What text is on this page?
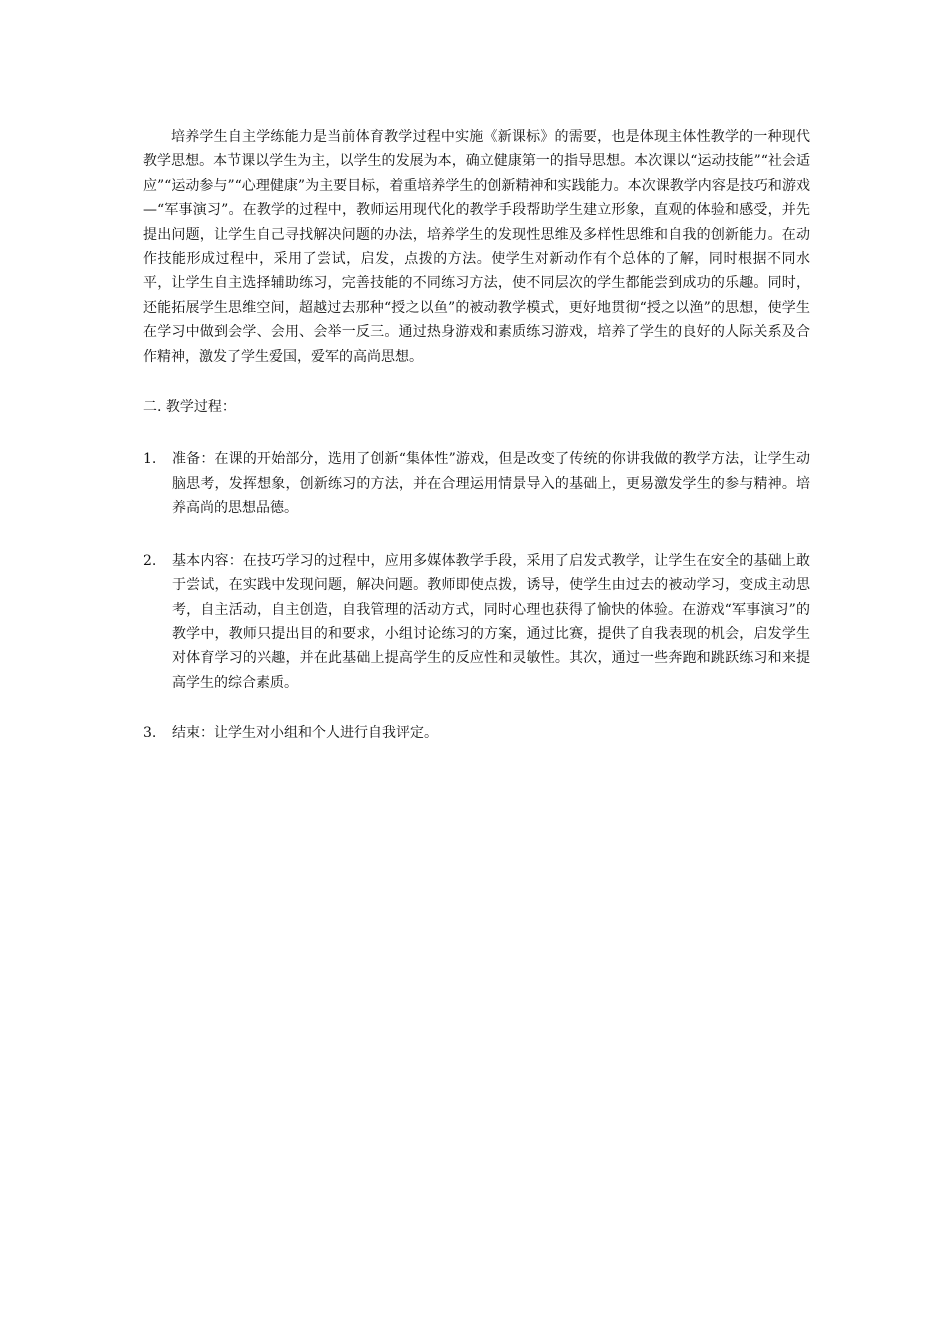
培养学生自主学练能力是当前体育教学过程中实施《新课标》的需要，也是体现主体性教学的一种现代教学思想。本节课以学生为主，以学生的发展为本，确立健康第一的指导思想。本次课以“运动技能”“社会适应”“运动参与”“心理健康”为主要目标，着重培养学生的创新精神和实践能力。本次课教学内容是技巧和游戏—“军事演习”。在教学的过程中，教师运用现代化的教学手段帮助学生建立形象，直观的体验和感受，并先提出问题，让学生自己寻找解决问题的办法，培养学生的发现性思维及多样性思维和自我的创新能力。在动作技能形成过程中，采用了尝试，启发，点拨的方法。使学生对新动作有个总体的了解，同时根据不同水平，让学生自主选择辅助练习，完善技能的不同练习方法，使不同层次的学生都能尝到成功的乐趣。同时，还能拓展学生思维空间，超越过去那种“授之以鱼”的被动教学模式，更好地贯彻“授之以渔”的思想，使学生在学习中做到会学、会用、会举一反三。通过热身游戏和素质练习游戏，培养了学生的良好的人际关系及合作精神，激发了学生爱国，爱军的高尚思想。

二. 教学过程：

1. 准备：在课的开始部分，选用了创新“集体性”游戏，但是改变了传统的你讲我做的教学方法，让学生动脑思考，发挥想象，创新练习的方法，并在合理运用情景导入的基础上，更易激发学生的参与精神。培养高尚的思想品德。
2. 基本内容：在技巧学习的过程中，应用多媒体教学手段，采用了启发式教学，让学生在安全的基础上敢于尝试，在实践中发现问题，解决问题。教师即使点拨，诱导，使学生由过去的被动学习，变成主动思考，自主活动，自主创造，自我管理的活动方式，同时心理也获得了愉快的体验。在游戏“军事演习”的教学中，教师只提出目的和要求，小组讨论练习的方案，通过比赛，提供了自我表现的机会，启发学生对体育学习的兴趣，并在此基础上提高学生的反应性和灵敏性。其次，通过一些奔跑和跳跃练习和来提高学生的综合素质。
3. 结束：让学生对小组和个人进行自我评定。
